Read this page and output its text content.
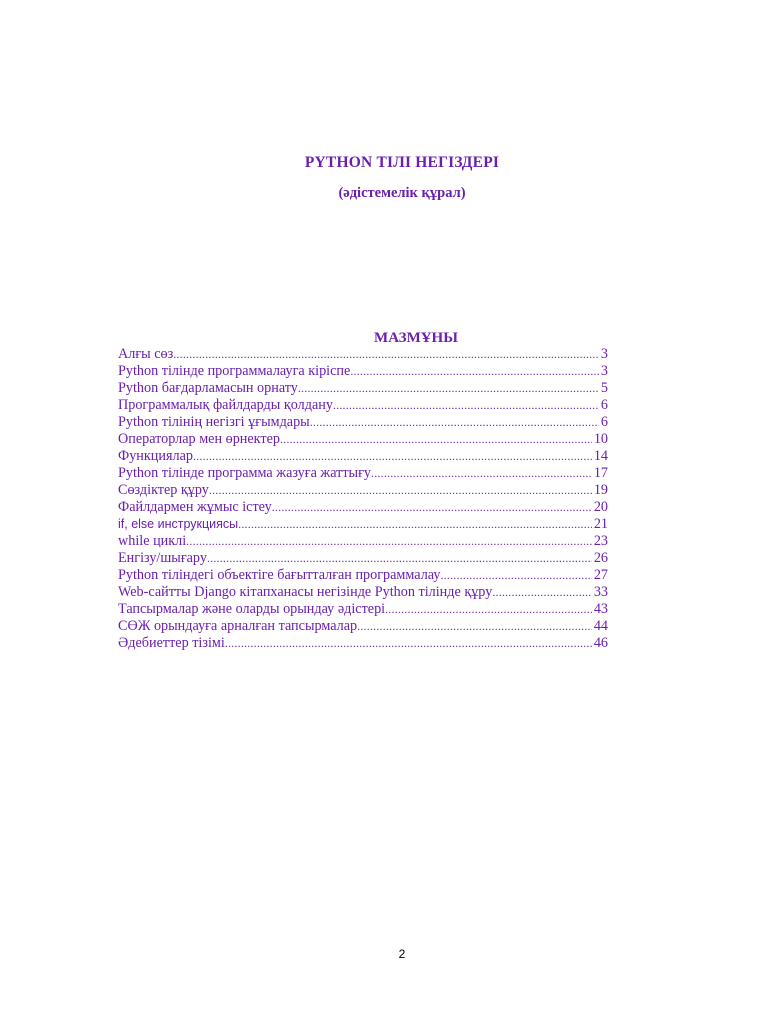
PYTHON ТІЛІ НЕГІЗДЕРІ
(әдістемелік құрал)
МАЗМҰНЫ
Алғы сөз .....	3
Python тілінде программалауга кіріспе .....	3
Python бағдарламасын орнату .....	5
Программалық файлдарды қолдану .....	6
Python тілінің негізгі ұғымдары .....	6
Операторлар мен өрнектер .....	10
Функциялар .....	14
Python тілінде программа жазуға жаттығу .....	17
Сөздіктер құру .....	19
Файлдармен жұмыс істеу .....	20
if, else инструкциясы .....	21
while циклі .....	23
Енгізу/шығару .....	26
Python тіліндегі объектіге бағытталған программалау .....	27
Web-сайтты Django кітапханасы негізінде Python тілінде құру .....	33
Тапсырмалар және оларды орындау әдістері .....	43
СӨЖ орындауға арналған тапсырмалар .....	44
Әдебиеттер тізімі .....	46
2
